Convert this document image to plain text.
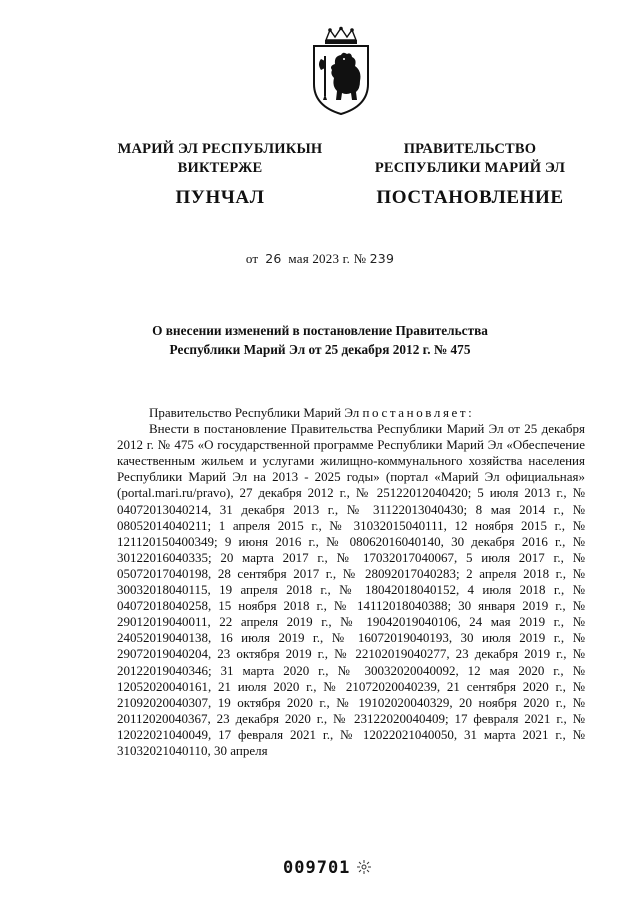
МАРИЙ ЭЛ РЕСПУБЛИКЫН
ВИКТЕРЖЕ
ПУНЧАЛ
ПРАВИТЕЛЬСТВО
РЕСПУБЛИКИ МАРИЙ ЭЛ
ПОСТАНОВЛЕНИЕ
от 26 мая 2023 г. № 239
О внесении изменений в постановление Правительства
Республики Марий Эл от 25 декабря 2012 г. № 475

Правительство Республики Марий Эл постановляет:

Внести в постановление Правительства Республики Марий Эл от 25 декабря 2012 г. № 475 «О государственной программе Республики Марий Эл «Обеспечение качественным жильем и услугами жилищно-коммунального хозяйства населения Республики Марий Эл на 2013 - 2025 годы» (портал «Марий Эл официальная» (portal.mari.ru/pravo), 27 декабря 2012 г., № 25122012040420; 5 июля 2013 г., № 04072013040214, 31 декабря 2013 г., № 31122013040430; 8 мая 2014 г., № 08052014040211; 1 апреля 2015 г., № 31032015040111, 12 ноября 2015 г., № 121120150400349; 9 июня 2016 г., № 08062016040140, 30 декабря 2016 г., № 30122016040335; 20 марта 2017 г., № 17032017040067, 5 июля 2017 г., № 05072017040198, 28 сентября 2017 г., № 28092017040283; 2 апреля 2018 г., № 30032018040115, 19 апреля 2018 г., № 18042018040152, 4 июля 2018 г., № 04072018040258, 15 ноября 2018 г., № 14112018040388; 30 января 2019 г., № 29012019040011, 22 апреля 2019 г., № 19042019040106, 24 мая 2019 г., № 24052019040138, 16 июля 2019 г., № 16072019040193, 30 июля 2019 г., № 29072019040204, 23 октября 2019 г., № 22102019040277, 23 декабря 2019 г., № 20122019040346; 31 марта 2020 г., № 30032020040092, 12 мая 2020 г., № 12052020040161, 21 июля 2020 г., № 21072020040239, 21 сентября 2020 г., № 21092020040307, 19 октября 2020 г., № 19102020040329, 20 ноября 2020 г., № 20112020040367, 23 декабря 2020 г., № 23122020040409; 17 февраля 2021 г., № 12022021040049, 17 февраля 2021 г., № 12022021040050, 31 марта 2021 г., № 31032021040110, 30 апреля

009701
